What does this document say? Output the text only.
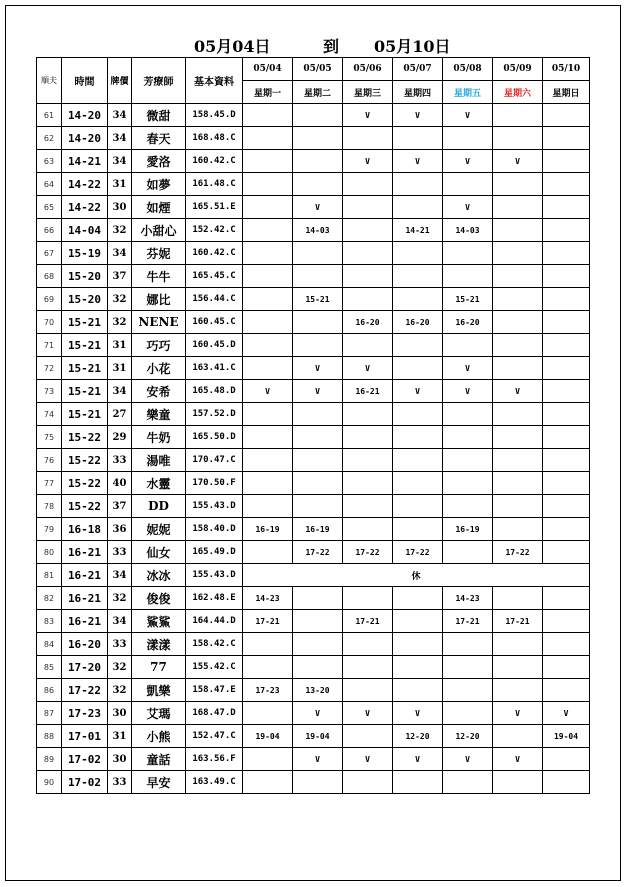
05月04日	到 05月10日
順夫	時間	牌價	芳療師	基本資料	05/04	05/05	05/06	05/07	05/08	05/09	05/10
					星期一	星期二	星期三	星期四	星期五	星期六	星期日
61	14-20	34	微甜	158.45.D			V	V	V		
62	14-20	34	春天	168.48.C							
63	14-21	34	愛洛	160.42.C			V	V	V	V	
64	14-22	31	如夢	161.48.C							
65	14-22	30	如煙	165.51.E		V			V		
66	14-04	32	小甜心	152.42.C		14-03		14-21	14-03		
67	15-19	34	芬妮	160.42.C							
68	15-20	37	牛牛	165.45.C							
69	15-20	32	娜比	156.44.C		15-21			15-21		
70	15-21	32	NENE	160.45.C			16-20	16-20	16-20		
71	15-21	31	巧巧	160.45.D							
72	15-21	31	小花	163.41.C		V	V		V		
73	15-21	34	安希	165.48.D	V	V	16-21	V	V	V	
74	15-21	27	樂童	157.52.D							
75	15-22	29	牛奶	165.50.D							
76	15-22	33	湯唯	170.47.C							
77	15-22	40	水靈	170.50.F							
78	15-22	37	DD	155.43.D							
79	16-18	36	妮妮	158.40.D	16-19	16-19			16-19		
80	16-21	33	仙女	165.49.D		17-22	17-22	17-22		17-22	
81	16-21	34	冰冰	155.43.D	休						
82	16-21	32	俊俊	162.48.E	14-23				14-23		
83	16-21	34	鯊鯊	164.44.D	17-21		17-21		17-21	17-21	
84	16-20	33	漾漾	158.42.C							
85	17-20	32	77	155.42.C							
86	17-22	32	凱樂	158.47.E	17-23	13-20					
87	17-23	30	艾瑪	168.47.D		V	V	V		V	V
88	17-01	31	小熊	152.47.C	19-04	19-04		12-20	12-20		19-04
89	17-02	30	童話	163.56.F		V	V	V	V	V	
90	17-02	33	早安	163.49.C							
